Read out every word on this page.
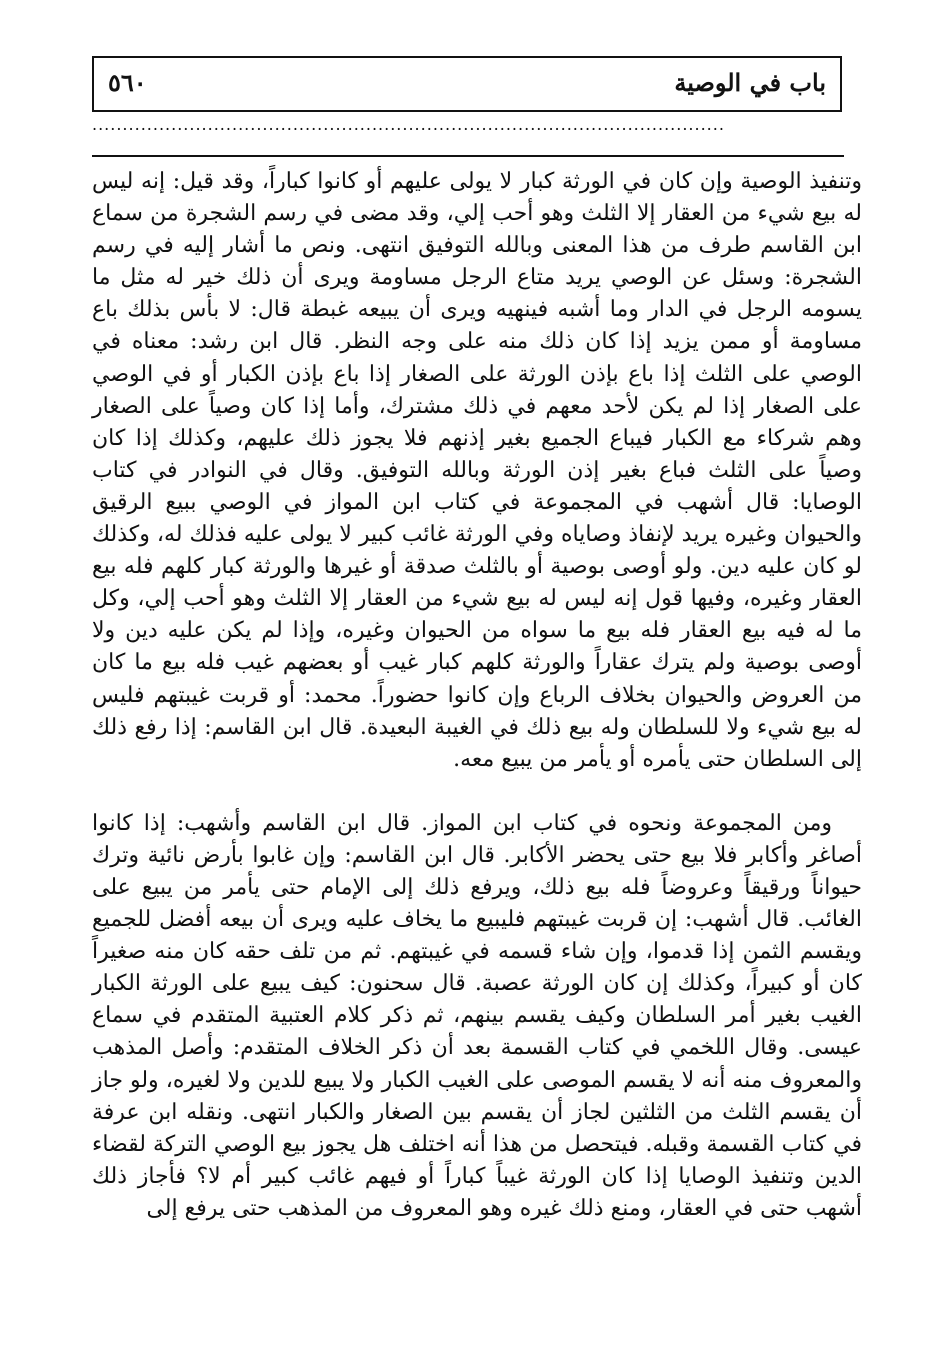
باب في الوصية
٥٦٠
........................................................................................................

وتنفيذ الوصية وإن كان في الورثة كبار لا يولى عليهم أو كانوا كباراً، وقد قيل: إنه ليس له بيع شيء من العقار إلا الثلث وهو أحب إلي، وقد مضى في رسم الشجرة من سماع ابن القاسم طرف من هذا المعنى وبالله التوفيق انتهى. ونص ما أشار إليه في رسم الشجرة: وسئل عن الوصي يريد متاع الرجل مساومة ويرى أن ذلك خير له مثل ما يسومه الرجل في الدار وما أشبه فينهيه ويرى أن يبيعه غبطة قال: لا بأس بذلك باع مساومة أو ممن يزيد إذا كان ذلك منه على وجه النظر. قال ابن رشد: معناه في الوصي على الثلث إذا باع بإذن الورثة على الصغار إذا باع بإذن الكبار أو في الوصي على الصغار إذا لم يكن لأحد معهم في ذلك مشترك، وأما إذا كان وصياً على الصغار وهم شركاء مع الكبار فيباع الجميع بغير إذنهم فلا يجوز ذلك عليهم، وكذلك إذا كان وصياً على الثلث فباع بغير إذن الورثة وبالله التوفيق. وقال في النوادر في كتاب الوصايا: قال أشهب في المجموعة في كتاب ابن المواز في الوصي ببيع الرقيق والحيوان وغيره يريد لإنفاذ وصاياه وفي الورثة غائب كبير لا يولى عليه فذلك له، وكذلك لو كان عليه دين. ولو أوصى بوصية أو بالثلث صدقة أو غيرها والورثة كبار كلهم فله بيع العقار وغيره، وفيها قول إنه ليس له بيع شيء من العقار إلا الثلث وهو أحب إلي، وكل ما له فيه بيع العقار فله بيع ما سواه من الحيوان وغيره، وإذا لم يكن عليه دين ولا أوصى بوصية ولم يترك عقاراً والورثة كلهم كبار غيب أو بعضهم غيب فله بيع ما كان من العروض والحيوان بخلاف الرباع وإن كانوا حضوراً. محمد: أو قربت غيبتهم فليس له بيع شيء ولا للسلطان وله بيع ذلك في الغيبة البعيدة. قال ابن القاسم: إذا رفع ذلك إلى السلطان حتى يأمره أو يأمر من يبيع معه.

ومن المجموعة ونحوه في كتاب ابن المواز. قال ابن القاسم وأشهب: إذا كانوا أصاغر وأكابر فلا بيع حتى يحضر الأكابر. قال ابن القاسم: وإن غابوا بأرض نائية وترك حيواناً ورقيقاً وعروضاً فله بيع ذلك، ويرفع ذلك إلى الإمام حتى يأمر من يبيع على الغائب. قال أشهب: إن قربت غيبتهم فليبيع ما يخاف عليه ويرى أن بيعه أفضل للجميع ويقسم الثمن إذا قدموا، وإن شاء قسمه في غيبتهم. ثم من تلف حقه كان منه صغيراً كان أو كبيراً، وكذلك إن كان الورثة عصبة. قال سحنون: كيف يبيع على الورثة الكبار الغيب بغير أمر السلطان وكيف يقسم بينهم، ثم ذكر كلام العتبية المتقدم في سماع عيسى. وقال اللخمي في كتاب القسمة بعد أن ذكر الخلاف المتقدم: وأصل المذهب والمعروف منه أنه لا يقسم الموصى على الغيب الكبار ولا يبيع للدين ولا لغيره، ولو جاز أن يقسم الثلث من الثلثين لجاز أن يقسم بين الصغار والكبار انتهى. ونقله ابن عرفة في كتاب القسمة وقبله. فيتحصل من هذا أنه اختلف هل يجوز بيع الوصي التركة لقضاء الدين وتنفيذ الوصايا إذا كان الورثة غيباً كباراً أو فيهم غائب كبير أم لا؟ فأجاز ذلك أشهب حتى في العقار، ومنع ذلك غيره وهو المعروف من المذهب حتى يرفع إلى
